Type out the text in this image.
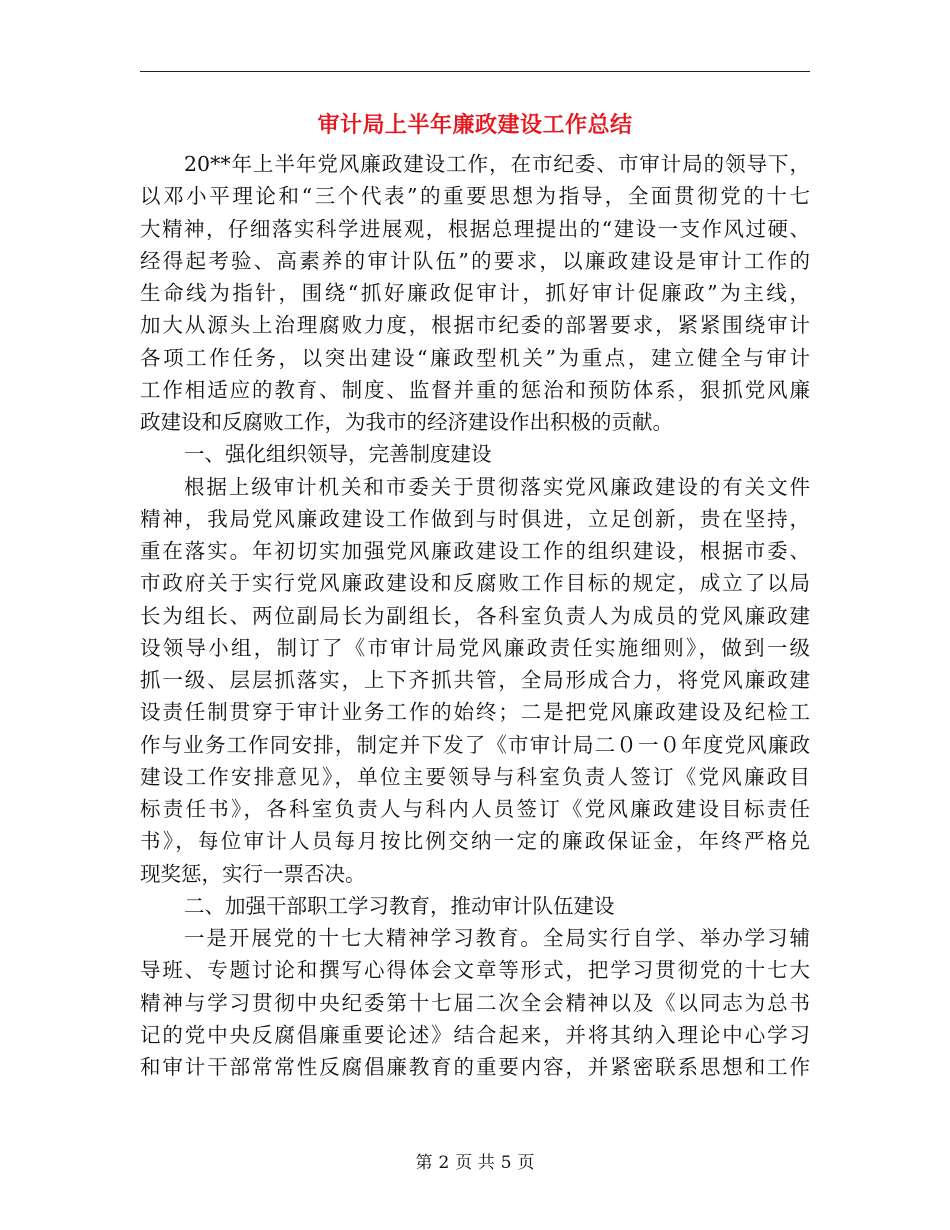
审计局上半年廉政建设工作总结
20**年上半年党风廉政建设工作，在市纪委、市审计局的领导下，
以邓小平理论和“三个代表”的重要思想为指导，全面贯彻党的十七
大精神，仔细落实科学进展观，根据总理提出的“建设一支作风过硬、
经得起考验、高素养的审计队伍”的要求，以廉政建设是审计工作的
生命线为指针，围绕“抓好廉政促审计，抓好审计促廉政”为主线，
加大从源头上治理腐败力度，根据市纪委的部署要求，紧紧围绕审计
各项工作任务，以突出建设“廉政型机关”为重点，建立健全与审计
工作相适应的教育、制度、监督并重的惩治和预防体系，狠抓党风廉
政建设和反腐败工作，为我市的经济建设作出积极的贡献。
一、强化组织领导，完善制度建设
根据上级审计机关和市委关于贯彻落实党风廉政建设的有关文件
精神，我局党风廉政建设工作做到与时俱进，立足创新，贵在坚持，
重在落实。年初切实加强党风廉政建设工作的组织建设，根据市委、
市政府关于实行党风廉政建设和反腐败工作目标的规定，成立了以局
长为组长、两位副局长为副组长，各科室负责人为成员的党风廉政建
设领导小组，制订了《市审计局党风廉政责任实施细则》，做到一级
抓一级、层层抓落实，上下齐抓共管，全局形成合力，将党风廉政建
设责任制贯穿于审计业务工作的始终；二是把党风廉政建设及纪检工
作与业务工作同安排，制定并下发了《市审计局二０一０年度党风廉政
建设工作安排意见》，单位主要领导与科室负责人签订《党风廉政目
标责任书》，各科室负责人与科内人员签订《党风廉政建设目标责任
书》，每位审计人员每月按比例交纳一定的廉政保证金，年终严格兑
现奖惩，实行一票否决。
二、加强干部职工学习教育，推动审计队伍建设
一是开展党的十七大精神学习教育。全局实行自学、举办学习辅
导班、专题讨论和撰写心得体会文章等形式，把学习贯彻党的十七大
精神与学习贯彻中央纪委第十七届二次全会精神以及《以同志为总书
记的党中央反腐倡廉重要论述》结合起来，并将其纳入理论中心学习
和审计干部常常性反腐倡廉教育的重要内容，并紧密联系思想和工作
第 2 页 共 5 页
